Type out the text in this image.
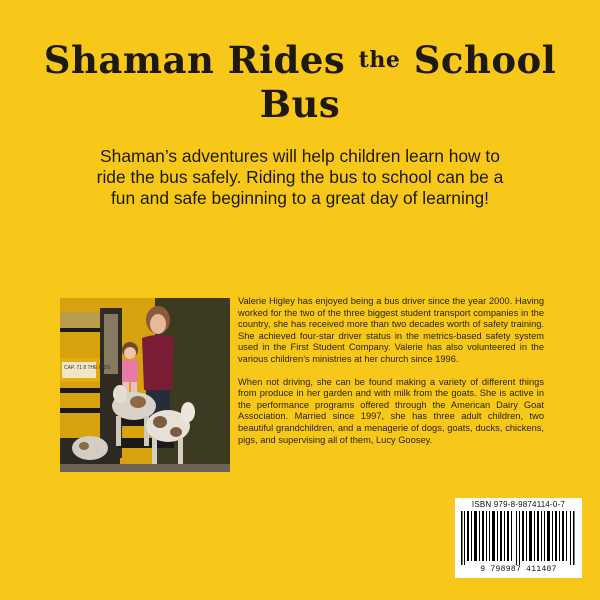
Shaman Rides the School Bus
Shaman’s adventures will help children learn how to ride the bus safely. Riding the bus to school can be a fun and safe beginning to a great day of learning!
CAP. 71 8 THE KIDS

Valerie Higley has enjoyed being a bus driver since the year 2000. Having worked for the two of the three biggest student transport companies in the country, she has received more than two decades worth of safety training. She achieved four-star driver status in the metrics-based safety system used in the First Student Company. Valerie has also volunteered in the various children’s ministries at her church since 1996.

When not driving, she can be found making a variety of different things from produce in her garden and with milk from the goats. She is active in the performance programs offered through the American Dairy Goat Association. Married since 1997, she has three adult children, two beautiful grandchildren, and a menagerie of dogs, goats, ducks, chickens, pigs, and supervising all of them, Lucy Goosey.

ISBN 979-8-9874114-0-7
9 798987 411407
